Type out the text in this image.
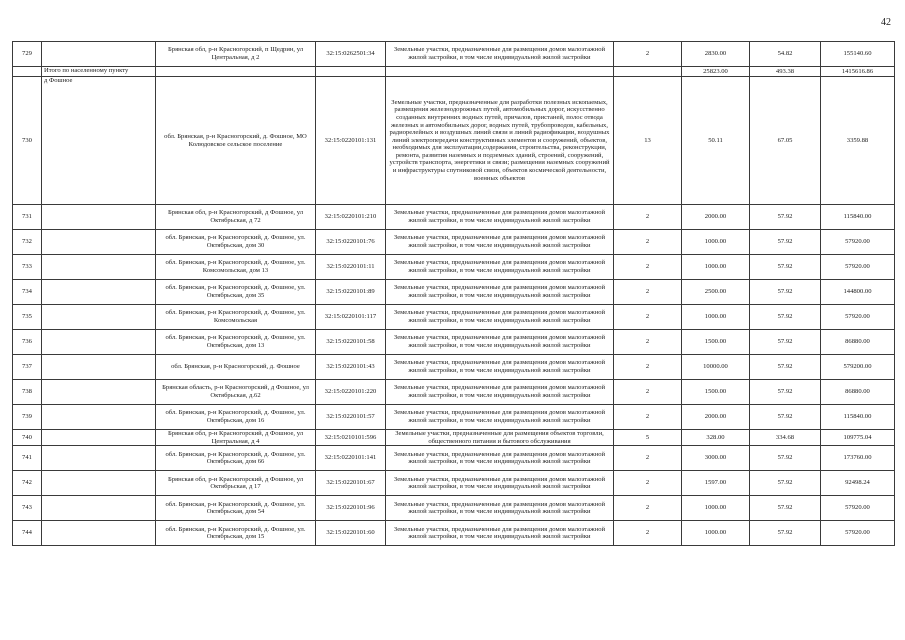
42
729		Брянская обл, р-н Красногорский, п Щедрин, ул Центральная, д 2	32:15:0262501:34	Земельные участки, предназначенные для размещения домов малоэтажной жилой застройки, в том числе индивидуальной жилой застройки	2	2830.00	54.82	155140.60
	Итого по населенному пункту					25823.00	493.38	1415616.86
730	д Фошное	обл. Брянская, р-н Красногорский, д. Фошное, МО Колюдовское сельское поселение	32:15:0220101:131	Земельные участки, предназначенные для разработки полезных ископаемых, размещения железнодорожных путей, автомобильных дорог, искусственно созданных внутренних водных путей, причалов, пристаней, полос отвода железных и автомобильных дорог, водных путей, трубопроводов, кабельных, радиорелейных и воздушных линий связи и линий радиофикации, воздушных линий электропередачи конструктивных элементов и сооружений, объектов, необходимых для эксплуатации,содержания, строительства, реконструкции, ремонта, развития наземных и подземных зданий, строений, сооружений, устройств транспорта, энергетики и связи; размещения наземных сооружений и инфраструктуры спутниковой связи, объектов космической деятельности, военных объектов	13	50.11	67.05	3359.88
731		Брянская обл, р-н Красногорский, д Фошное, ул Октябрьская, д 72	32:15:0220101:210	Земельные участки, предназначенные для размещения домов малоэтажной жилой застройки, в том числе индивидуальной жилой застройки	2	2000.00	57.92	115840.00
732		обл. Брянская, р-н Красногорский, д. Фошное, ул. Октябрьская, дом 30	32:15:0220101:76	Земельные участки, предназначенные для размещения домов малоэтажной жилой застройки, в том числе индивидуальной жилой застройки	2	1000.00	57.92	57920.00
733		обл. Брянская, р-н Красногорский, д. Фошное, ул. Комсомольская, дом 13	32:15:0220101:11	Земельные участки, предназначенные для размещения домов малоэтажной жилой застройки, в том числе индивидуальной жилой застройки	2	1000.00	57.92	57920.00
734		обл. Брянская, р-н Красногорский, д. Фошное, ул. Октябрьская, дом 35	32:15:0220101:89	Земельные участки, предназначенные для размещения домов малоэтажной жилой застройки, в том числе индивидуальной жилой застройки	2	2500.00	57.92	144800.00
735		обл. Брянская, р-н Красногорский, д. Фошное, ул. Комсомольская	32:15:0220101:117	Земельные участки, предназначенные для размещения домов малоэтажной жилой застройки, в том числе индивидуальной жилой застройки	2	1000.00	57.92	57920.00
736		обл. Брянская, р-н Красногорский, д. Фошное, ул. Октябрьская, дом 13	32:15:0220101:58	Земельные участки, предназначенные для размещения домов малоэтажной жилой застройки, в том числе индивидуальной жилой застройки	2	1500.00	57.92	86880.00
737		обл. Брянская, р-н Красногорский, д. Фошное	32:15:0220101:43	Земельные участки, предназначенные для размещения домов малоэтажной жилой застройки, в том числе индивидуальной жилой застройки	2	10000.00	57.92	579200.00
738		Брянская область, р-н Красногорский, д Фошное, ул Октябрьская, д.62	32:15:0220101:220	Земельные участки, предназначенные для размещения домов малоэтажной жилой застройки, в том числе индивидуальной жилой застройки	2	1500.00	57.92	86880.00
739		обл. Брянская, р-н Красногорский, д. Фошное, ул. Октябрьская, дом 16	32:15:0220101:57	Земельные участки, предназначенные для размещения домов малоэтажной жилой застройки, в том числе индивидуальной жилой застройки	2	2000.00	57.92	115840.00
740		Брянская обл, р-н Красногорский, д Фошное, ул Центральная, д 4	32:15:0210101:596	Земельные участки, предназначенные для размещения объектов торговли, общественного питания и бытового обслуживания	5	328.00	334.68	109775.04
741		обл. Брянская, р-н Красногорский, д. Фошное, ул. Октябрьская, дом 66	32:15:0220101:141	Земельные участки, предназначенные для размещения домов малоэтажной жилой застройки, в том числе индивидуальной жилой застройки	2	3000.00	57.92	173760.00
742		Брянская обл, р-н Красногорский, д Фошное, ул Октябрьская, д 17	32:15:0220101:67	Земельные участки, предназначенные для размещения домов малоэтажной жилой застройки, в том числе индивидуальной жилой застройки	2	1597.00	57.92	92498.24
743		обл. Брянская, р-н Красногорский, д. Фошное, ул. Октябрьская, дом 54	32:15:0220101:96	Земельные участки, предназначенные для размещения домов малоэтажной жилой застройки, в том числе индивидуальной жилой застройки	2	1000.00	57.92	57920.00
744		обл. Брянская, р-н Красногорский, д. Фошное, ул. Октябрьская, дом 15	32:15:0220101:60	Земельные участки, предназначенные для размещения домов малоэтажной жилой застройки, в том числе индивидуальной жилой застройки	2	1000.00	57.92	57920.00
